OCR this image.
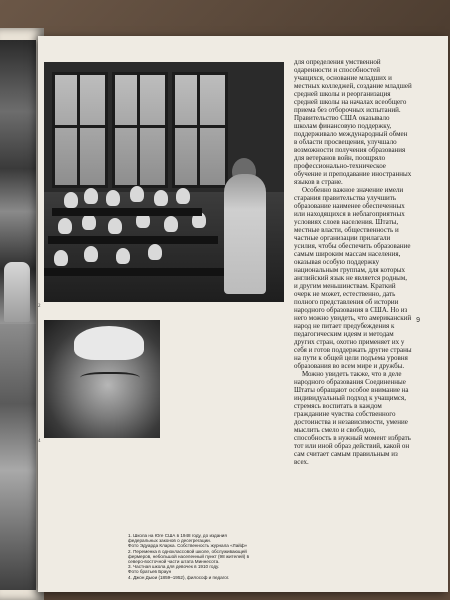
2
4
9

для определения умственной одаренности и способностей учащихся, основание младших и местных колледжей, создание младшей средней школы и реорганизация средней школы на началах всеобщего приема без отборочных испытаний. Правительство США оказывало школам финансовую поддержку, поддерживало международный обмен в области просвещения, улучшало возможности получения образования для ветеранов войн, поощряло профессионально-техническое обучение и преподавание иностранных языков в стране.

Особенно важное значение имели старания правительства улучшить образование наименее обеспеченных или находящихся в неблагоприятных условиях слоев населения. Штаты, местные власти, общественность и частные организации прилагали усилия, чтобы обеспечить образование самым широким массам населения, оказывая особую поддержку национальным группам, для которых английский язык не является родным, и другим меньшинствам. Краткий очерк не может, естественно, дать полного представления об истории народного образования в США. Но из него можно увидеть, что американский народ не питает предубеждения к педагогическим идеям и методам других стран, охотно применяет их у себя и готов поддержать другие страны на пути к общей цели подъема уровня образования во всем мире и дружбы.

Можно увидеть также, что в деле народного образования Соединенные Штаты обращают особое внимание на индивидуальный подход к учащимся, стремясь воспитать в каждом гражданине чувства собственного достоинства и независимости, умение мыслить смело и свободно, способность в нужный момент избрать тот или иной образ действий, какой он сам считает самым правильным из всех.

1. Школа на Юге США в 1948 году, до издания федеральных законов о десегрегации.
Фото Эдуарда Кларка. Собственность журнала «Лайф»
2. Переменка в одноклассовой школе, обслуживающей фермеров, небольшой населенный пункт (98 жителей) в северо-восточной части штата Миннесота.
3. Частная школа для девочек в 1910 году.
Фото братьев Браун
4. Джон Дьюи (1859–1952), философ и педагог.
